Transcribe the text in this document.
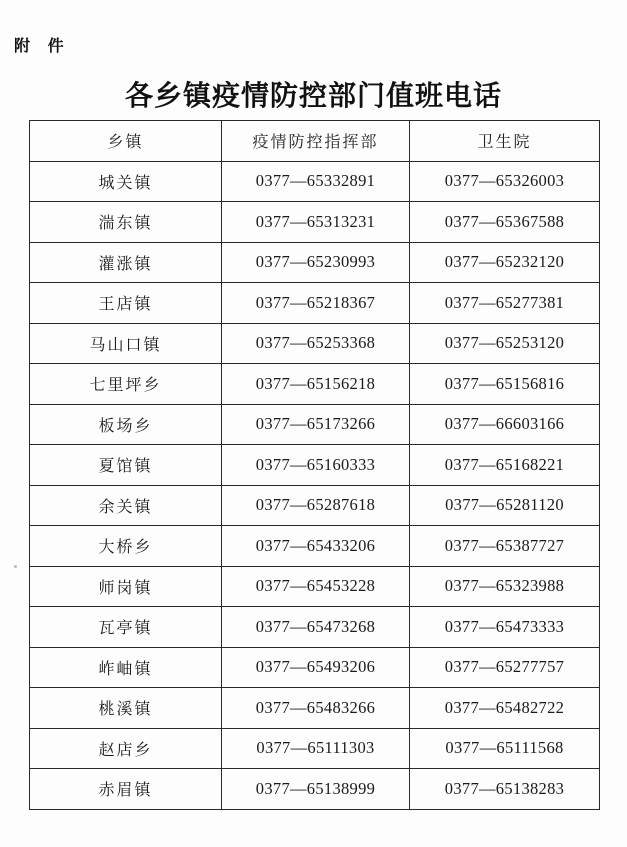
附 件
各乡镇疫情防控部门值班电话
乡镇	疫情防控指挥部	卫生院
城关镇	0377—65332891	0377—65326003
湍东镇	0377—65313231	0377—65367588
灌涨镇	0377—65230993	0377—65232120
王店镇	0377—65218367	0377—65277381
马山口镇	0377—65253368	0377—65253120
七里坪乡	0377—65156218	0377—65156816
板场乡	0377—65173266	0377—66603166
夏馆镇	0377—65160333	0377—65168221
余关镇	0377—65287618	0377—65281120
大桥乡	0377—65433206	0377—65387727
师岗镇	0377—65453228	0377—65323988
瓦亭镇	0377—65473268	0377—65473333
岞岫镇	0377—65493206	0377—65277757
桃溪镇	0377—65483266	0377—65482722
赵店乡	0377—65111303	0377—65111568
赤眉镇	0377—65138999	0377—65138283
